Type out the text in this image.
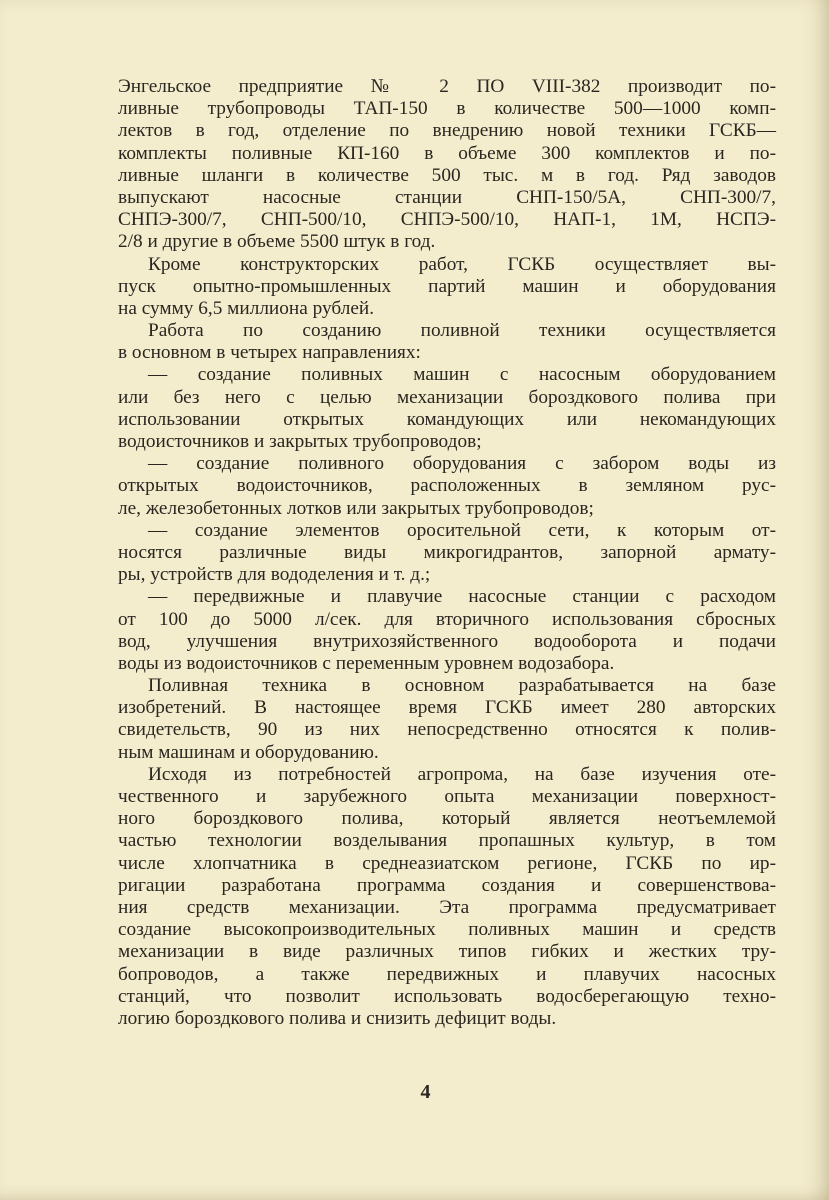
Энгельское предприятие № 2 ПО VIII-382 производит по-
ливные трубопроводы ТАП-150 в количестве 500—1000 комп-
лектов в год, отделение по внедрению новой техники ГСКБ—
комплекты поливные КП-160 в объеме 300 комплектов и по-
ливные шланги в количестве 500 тыс. м в год. Ряд заводов
выпускают насосные станции СНП-150/5А, СНП-300/7,
СНПЭ-300/7, СНП-500/10, СНПЭ-500/10, НАП-1, 1М, НСПЭ-
2/8 и другие в объеме 5500 штук в год.
Кроме конструкторских работ, ГСКБ осуществляет вы-
пуск опытно-промышленных партий машин и оборудования
на сумму 6,5 миллиона рублей.
Работа по созданию поливной техники осуществляется
в основном в четырех направлениях:
— создание поливных машин с насосным оборудованием
или без него с целью механизации бороздкового полива при
использовании открытых командующих или некомандующих
водоисточников и закрытых трубопроводов;
— создание поливного оборудования с забором воды из
открытых водоисточников, расположенных в земляном рус-
ле, железобетонных лотков или закрытых трубопроводов;
— создание элементов оросительной сети, к которым от-
носятся различные виды микрогидрантов, запорной армату-
ры, устройств для вододеления и т. д.;
— передвижные и плавучие насосные станции с расходом
от 100 до 5000 л/сек. для вторичного использования сбросных
вод, улучшения внутрихозяйственного водооборота и подачи
воды из водоисточников с переменным уровнем водозабора.
Поливная техника в основном разрабатывается на базе
изобретений. В настоящее время ГСКБ имеет 280 авторских
свидетельств, 90 из них непосредственно относятся к полив-
ным машинам и оборудованию.
Исходя из потребностей агропрома, на базе изучения оте-
чественного и зарубежного опыта механизации поверхност-
ного бороздкового полива, который является неотъемлемой
частью технологии возделывания пропашных культур, в том
числе хлопчатника в среднеазиатском регионе, ГСКБ по ир-
ригации разработана программа создания и совершенствова-
ния средств механизации. Эта программа предусматривает
создание высокопроизводительных поливных машин и средств
механизации в виде различных типов гибких и жестких тру-
бопроводов, а также передвижных и плавучих насосных
станций, что позволит использовать водосберегающую техно-
логию бороздкового полива и снизить дефицит воды.
4
